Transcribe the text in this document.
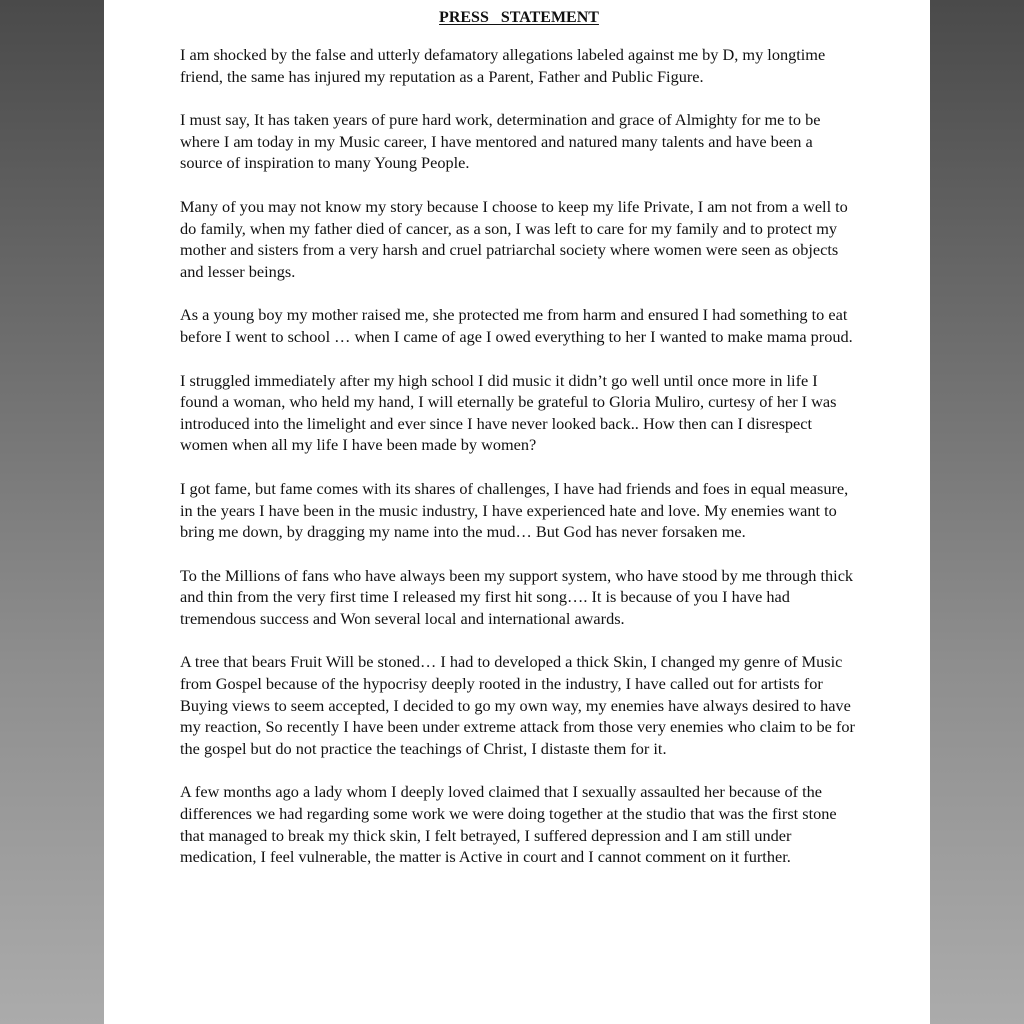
PRESS STATEMENT

I am shocked by the false and utterly defamatory allegations labeled against me by D, my longtime friend, the same has injured my reputation as a Parent, Father and Public Figure.

I must say, It has taken years of pure hard work, determination and grace of Almighty for me to be where I am today in my Music career, I have mentored and natured many talents and have been a source of inspiration to many Young People.

Many of you may not know my story because I choose to keep my life Private, I am not from a well to do family, when my father died of cancer, as a son, I was left to care for my family and to protect my mother and sisters from a very harsh and cruel patriarchal society where women were seen as objects and lesser beings.

As a young boy my mother raised me, she protected me from harm and ensured I had something to eat before I went to school … when I came of age I owed everything to her I wanted to make mama proud.

I struggled immediately after my high school I did music it didn’t go well until once more in life I found a woman, who held my hand, I will eternally be grateful to Gloria Muliro, curtesy of her I was introduced into the limelight and ever since I have never looked back.. How then can I disrespect women when all my life I have been made by women?

I got fame, but fame comes with its shares of challenges, I have had friends and foes in equal measure, in the years I have been in the music industry, I have experienced hate and love. My enemies want to bring me down, by dragging my name into the mud… But God has never forsaken me.

To the Millions of fans who have always been my support system, who have stood by me through thick and thin from the very first time I released my first hit song…. It is because of you I have had tremendous success and Won several local and international awards.

A tree that bears Fruit Will be stoned… I had to developed a thick Skin, I changed my genre of Music from Gospel because of the hypocrisy deeply rooted in the industry, I have called out for artists for Buying views to seem accepted, I decided to go my own way, my enemies have always desired to have my reaction, So recently I have been under extreme attack from those very enemies who claim to be for the gospel but do not practice the teachings of Christ, I distaste them for it.

A few months ago a lady whom I deeply loved claimed that I sexually assaulted her because of the differences we had regarding some work we were doing together at the studio that was the first stone that managed to break my thick skin, I felt betrayed, I suffered depression and I am still under medication, I feel vulnerable, the matter is Active in court and I cannot comment on it further.
